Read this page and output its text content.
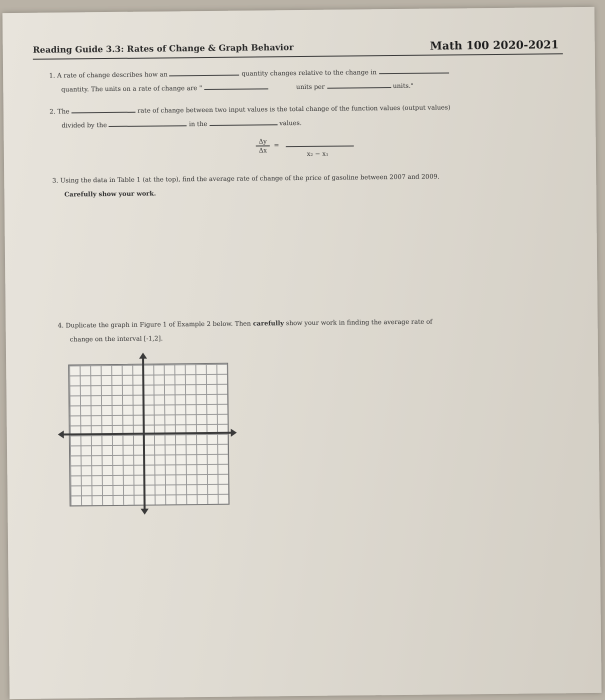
Reading Guide 3.3: Rates of Change & Graph Behavior	Math 100 2020-2021
1. A rate of change describes how an	quantity changes relative to the change in
quantity. The units on a rate of change are "	units per	units."
2. The	rate of change between two input values is the total change of the function values (output values)
divided by the	in the	values.
Δy
Δx
=
x₂ − x₁
3. Using the data in Table 1 (at the top), find the average rate of change of the price of gasoline between 2007 and 2009.
Carefully show your work.
4. Duplicate the graph in Figure 1 of Example 2 below. Then carefully show your work in finding the average rate of
change on the interval [-1,2].
